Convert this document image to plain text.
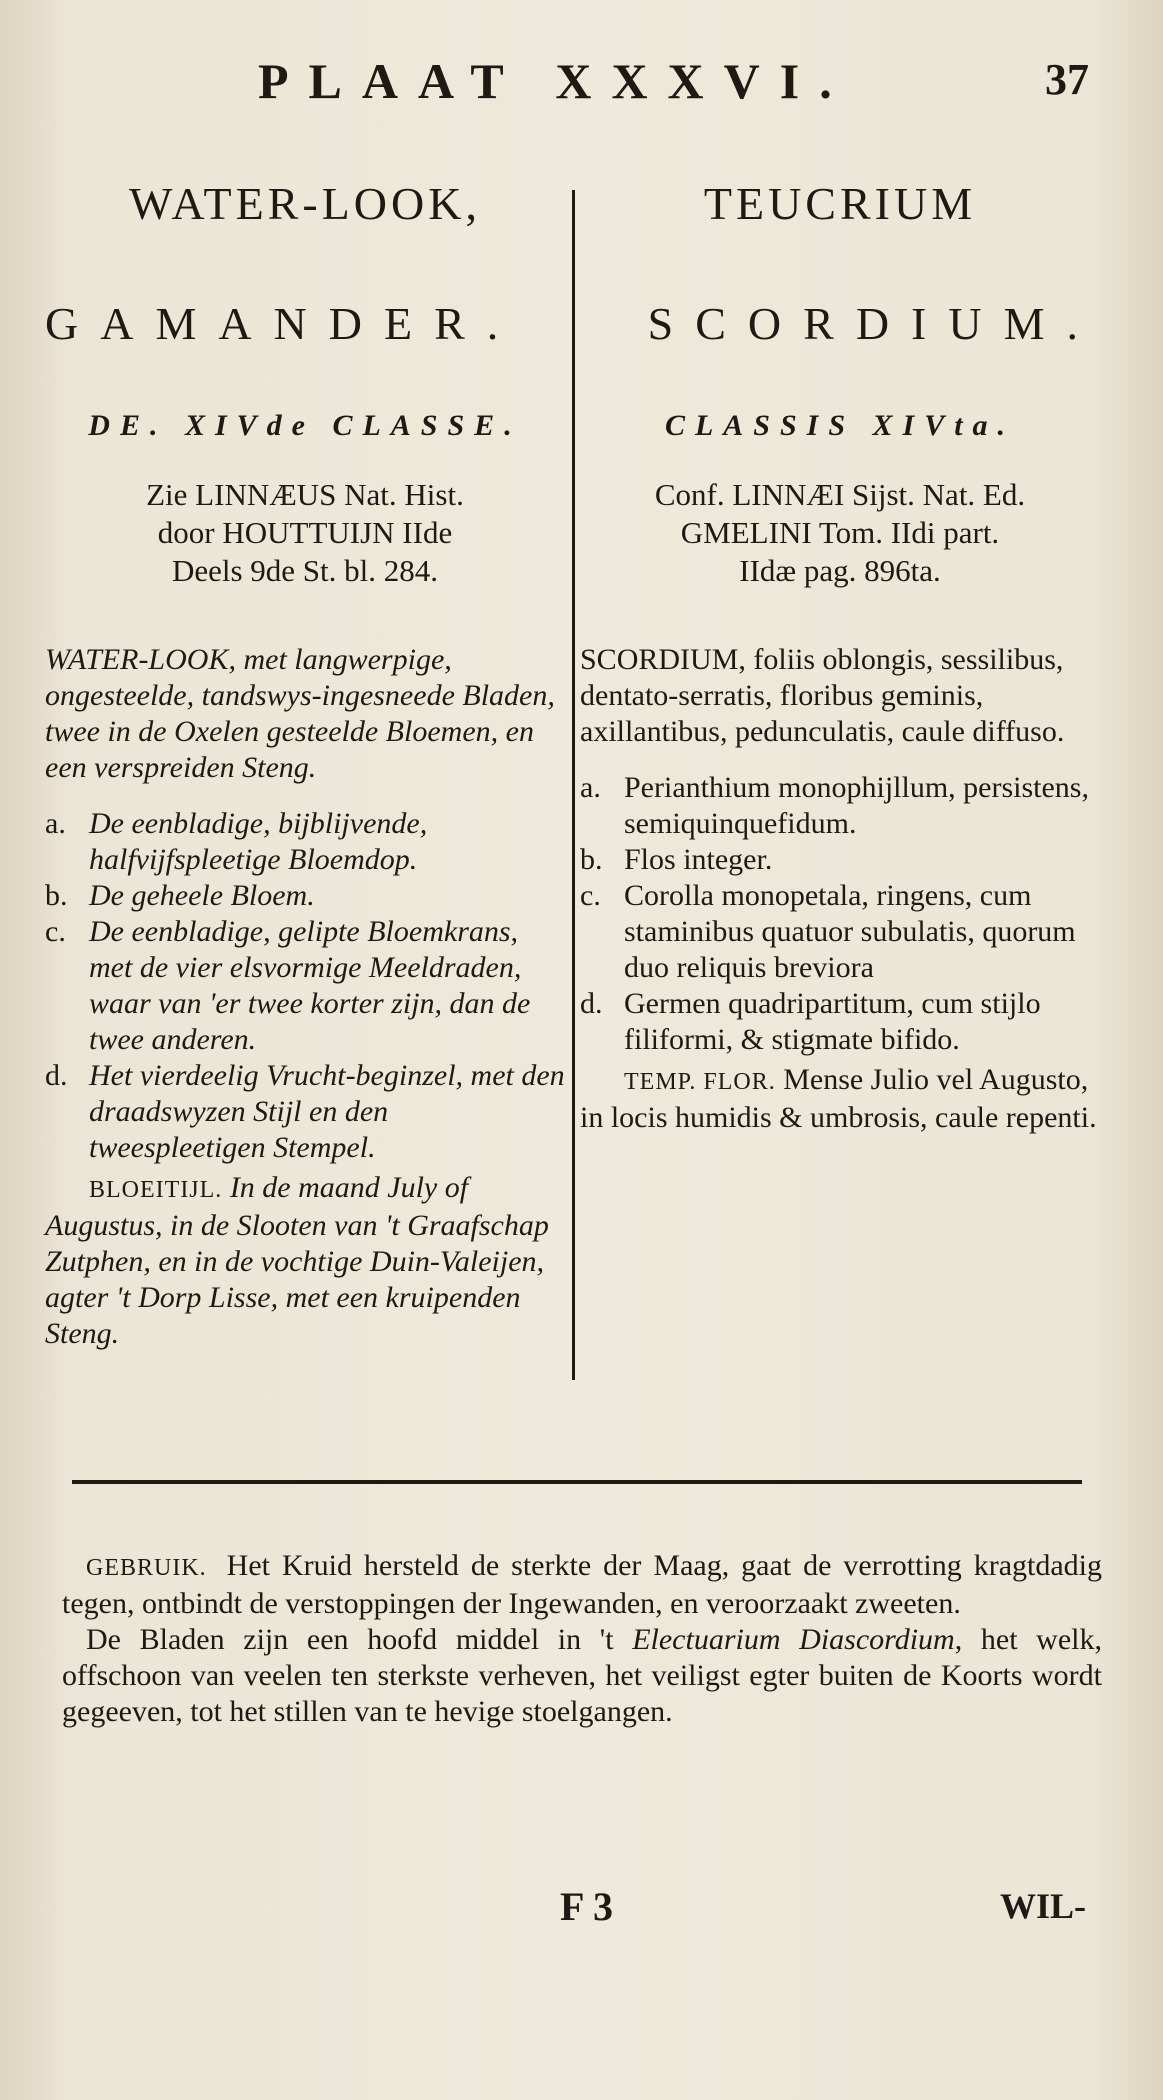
PLAAT XXXVI.	37
WATER-LOOK,
GAMANDER.
DE. XIVde CLASSE.
Zie LINNÆUS Nat. Hist.
door HOUTTUIJN IIde
Deels 9de St. bl. 284.
WATER-LOOK, met langwerpige, ongesteelde, tandswys-ingesneede Bladen, twee in de Oxelen gesteelde Bloemen, en een verspreiden Steng.
a. De eenbladige, bijblijvende, halfvijfspleetige Bloemdop.
b. De geheele Bloem.
c. De eenbladige, gelipte Bloemkrans, met de vier elsvormige Meeldraden, waar van 'er twee korter zijn, dan de twee anderen.
d. Het vierdeelig Vrucht-beginzel, met den draadswyzen Stijl en den tweespleetigen Stempel.
BLOEITIJL. In de maand July of Augustus, in de Slooten van 't Graafschap Zutphen, en in de vochtige Duin-Valeijen, agter 't Dorp Lisse, met een kruipenden Steng.
TEUCRIUM
SCORDIUM.
CLASSIS XIVta.
Conf. LINNÆI Sijst. Nat. Ed.
GMELINI Tom. IIdi part.
IIdæ pag. 896ta.
SCORDIUM, foliis oblongis, sessilibus, dentato-serratis, floribus geminis, axillantibus, pedunculatis, caule diffuso.
a. Perianthium monophijllum, persistens, semiquinquefidum.
b. Flos integer.
c. Corolla monopetala, ringens, cum staminibus quatuor subulatis, quorum duo reliquis breviora
d. Germen quadripartitum, cum stijlo filiformi, & stigmate bifido.
TEMP. FLOR. Mense Julio vel Augusto, in locis humidis & umbrosis, caule repenti.

GEBRUIK. Het Kruid hersteld de sterkte der Maag, gaat de verrotting kragtdadig tegen, ontbindt de verstoppingen der Ingewanden, en veroorzaakt zweeten.

De Bladen zijn een hoofd middel in 't Electuarium Diascordium, het welk, offschoon van veelen ten sterkste verheven, het veiligst egter buiten de Koorts wordt gegeeven, tot het stillen van te hevige stoelgangen.

F 3	WIL-
